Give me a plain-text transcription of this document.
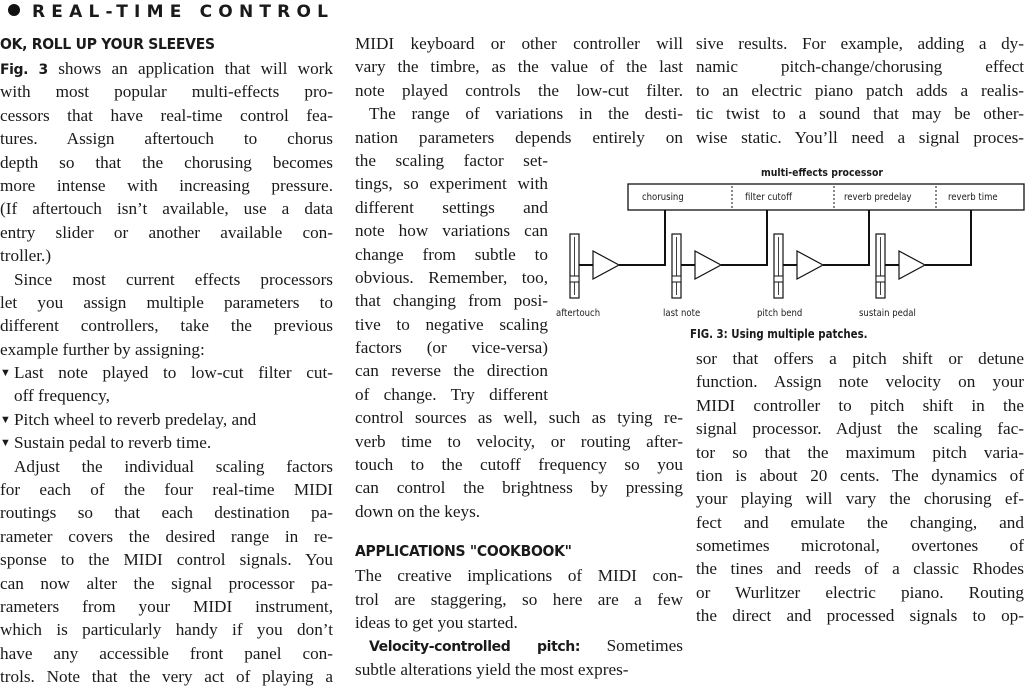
REAL-TIME CONTROL
OK, ROLL UP YOUR SLEEVES
Fig. 3 shows an application that will work
with most popular multi-effects pro-
cessors that have real-time control fea-
tures. Assign aftertouch to chorus
depth so that the chorusing becomes
more intense with increasing pressure.
(If aftertouch isn’t available, use a data
entry slider or another available con-
troller.)
Since most current effects processors
let you assign multiple parameters to
different controllers, take the previous
example further by assigning:
▼ Last note played to low-cut filter cut-
off frequency,
▼ Pitch wheel to reverb predelay, and
▼ Sustain pedal to reverb time.
Adjust the individual scaling factors
for each of the four real-time MIDI
routings so that each destination pa-
rameter covers the desired range in re-
sponse to the MIDI control signals. You
can now alter the signal processor pa-
rameters from your MIDI instrument,
which is particularly handy if you don’t
have any accessible front panel con-
trols. Note that the very act of playing a
MIDI keyboard or other controller will
vary the timbre, as the value of the last
note played controls the low-cut filter.
The range of variations in the desti-
nation parameters depends entirely on
the scaling factor set-
tings, so experiment with
different settings and
note how variations can
change from subtle to
obvious. Remember, too,
that changing from posi-
tive to negative scaling
factors (or vice-versa)
can reverse the direction
of change. Try different
control sources as well, such as tying re-
verb time to velocity, or routing after-
touch to the cutoff frequency so you
can control the brightness by pressing
down on the keys.
APPLICATIONS "COOKBOOK"
The creative implications of MIDI con-
trol are staggering, so here are a few
ideas to get you started.
Velocity-controlled pitch: Sometimes
subtle alterations yield the most expres-
sive results. For example, adding a dy-
namic pitch-change/chorusing effect
to an electric piano patch adds a realis-
tic twist to a sound that may be other-
wise static. You’ll need a signal proces-
sor that offers a pitch shift or detune
function. Assign note velocity on your
MIDI controller to pitch shift in the
signal processor. Adjust the scaling fac-
tor so that the maximum pitch varia-
tion is about 20 cents. The dynamics of
your playing will vary the chorusing ef-
fect and emulate the changing, and
sometimes microtonal, overtones of
the tines and reeds of a classic Rhodes
or Wurlitzer electric piano. Routing
the direct and processed signals to op-
multi-effects processor
chorusing	filter cutoff	reverb predelay	reverb time
aftertouch	last note	pitch bend	sustain pedal
FIG. 3: Using multiple patches.
